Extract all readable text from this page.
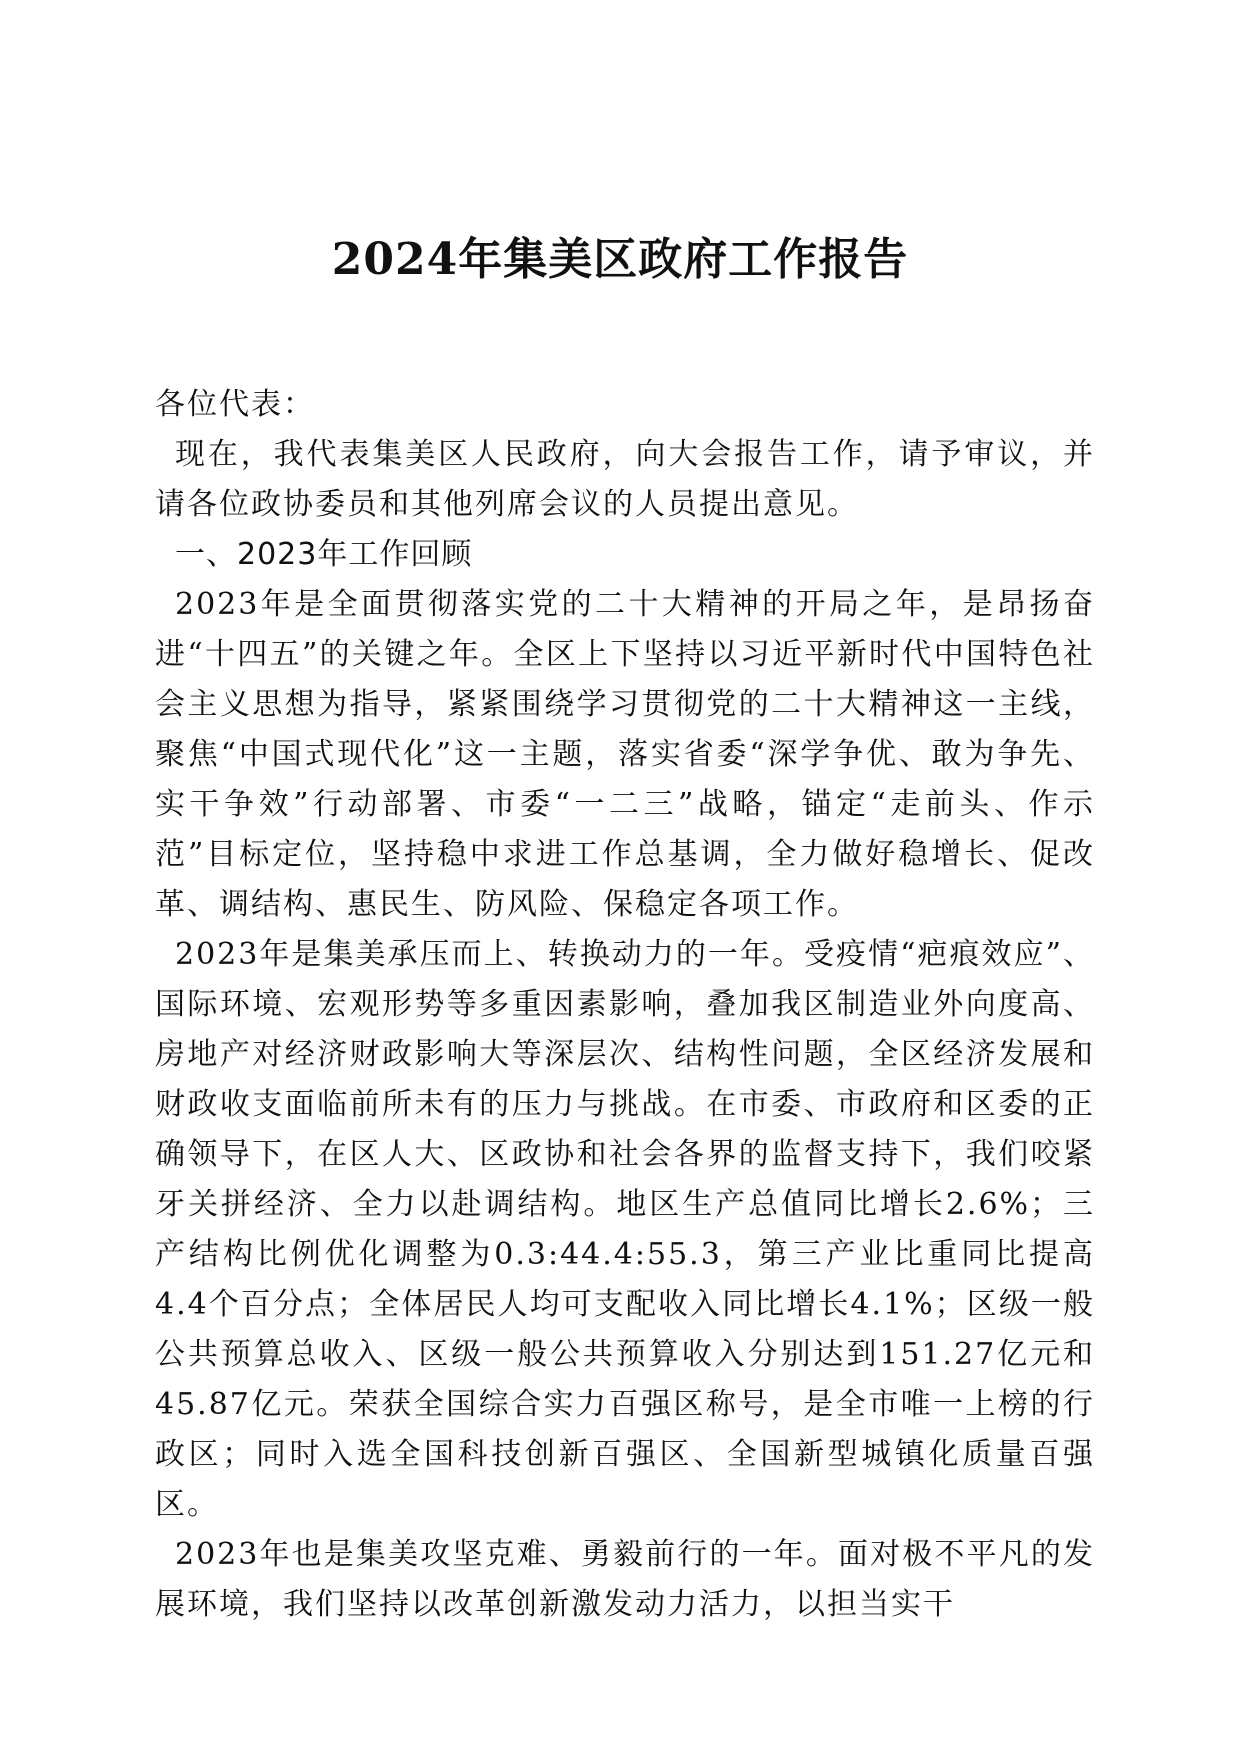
2024年集美区政府工作报告

各位代表：

现在，我代表集美区人民政府，向大会报告工作，请予审议，并请各位政协委员和其他列席会议的人员提出意见。

一、2023年工作回顾

2023年是全面贯彻落实党的二十大精神的开局之年，是昂扬奋进“十四五”的关键之年。全区上下坚持以习近平新时代中国特色社会主义思想为指导，紧紧围绕学习贯彻党的二十大精神这一主线，聚焦“中国式现代化”这一主题，落实省委“深学争优、敢为争先、实干争效”行动部署、市委“一二三”战略，锚定“走前头、作示范”目标定位，坚持稳中求进工作总基调，全力做好稳增长、促改革、调结构、惠民生、防风险、保稳定各项工作。

2023年是集美承压而上、转换动力的一年。受疫情“疤痕效应”、国际环境、宏观形势等多重因素影响，叠加我区制造业外向度高、房地产对经济财政影响大等深层次、结构性问题，全区经济发展和财政收支面临前所未有的压力与挑战。在市委、市政府和区委的正确领导下，在区人大、区政协和社会各界的监督支持下，我们咬紧牙关拼经济、全力以赴调结构。地区生产总值同比增长2.6%；三产结构比例优化调整为0.3:44.4:55.3，第三产业比重同比提高4.4个百分点；全体居民人均可支配收入同比增长4.1%；区级一般公共预算总收入、区级一般公共预算收入分别达到151.27亿元和45.87亿元。荣获全国综合实力百强区称号，是全市唯一上榜的行政区；同时入选全国科技创新百强区、全国新型城镇化质量百强区。

2023年也是集美攻坚克难、勇毅前行的一年。面对极不平凡的发展环境，我们坚持以改革创新激发动力活力，以担当实干
